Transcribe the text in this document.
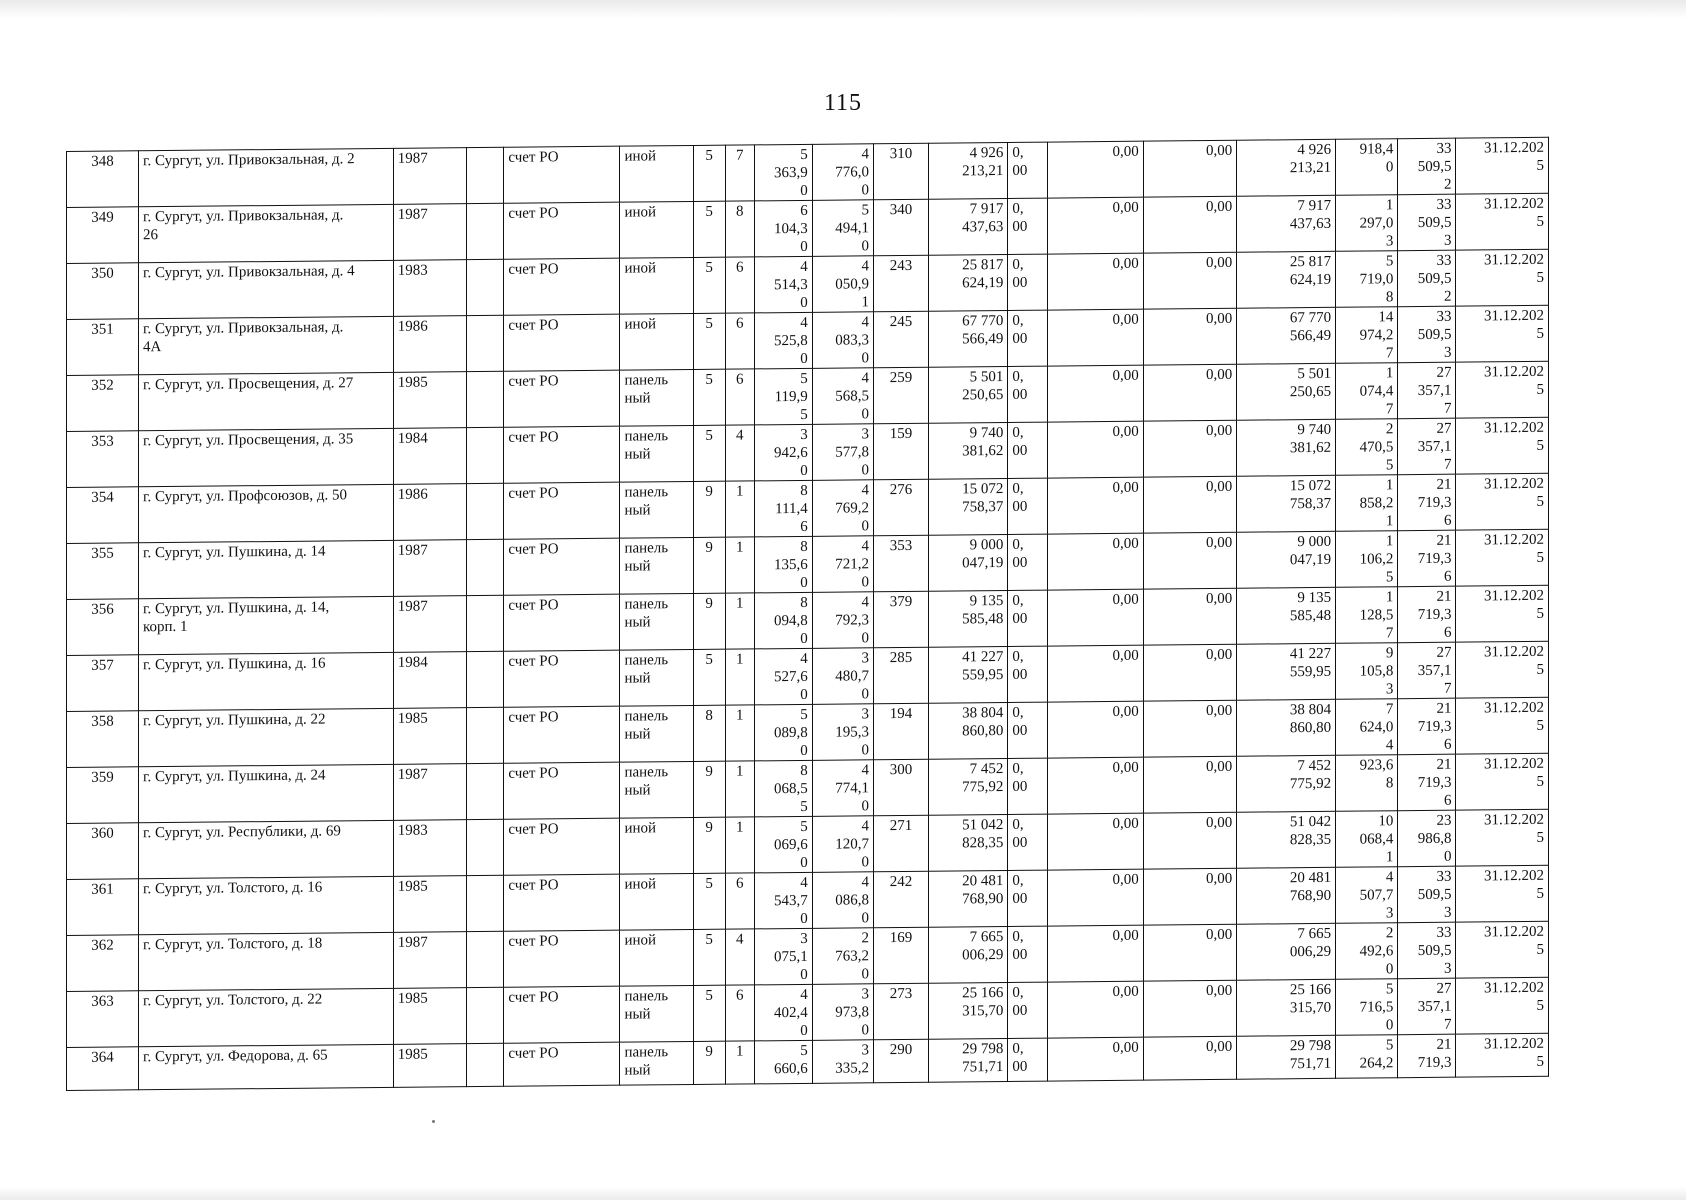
115
348	г. Сургут, ул. Привокзальная, д. 2	1987		счет РО	иной	5	7	5
363,9
0	4
776,0
0	310	4 926
213,21	0,
00	0,00	0,00	4 926
213,21	918,4
0	33
509,5
2	31.12.202
5

349	г. Сургут, ул. Привокзальная, д.
26	1987		счет РО	иной	5	8	6
104,3
0	5
494,1
0	340	7 917
437,63	0,
00	0,00	0,00	7 917
437,63	1
297,0
3	33
509,5
3	31.12.202
5

350	г. Сургут, ул. Привокзальная, д. 4	1983		счет РО	иной	5	6	4
514,3
0	4
050,9
1	243	25 817
624,19	0,
00	0,00	0,00	25 817
624,19	5
719,0
8	33
509,5
2	31.12.202
5

351	г. Сургут, ул. Привокзальная, д.
4А	1986		счет РО	иной	5	6	4
525,8
0	4
083,3
0	245	67 770
566,49	0,
00	0,00	0,00	67 770
566,49	14
974,2
7	33
509,5
3	31.12.202
5

352	г. Сургут, ул. Просвещения, д. 27	1985		счет РО	панель
ный	5	6	5
119,9
5	4
568,5
0	259	5 501
250,65	0,
00	0,00	0,00	5 501
250,65	1
074,4
7	27
357,1
7	31.12.202
5

353	г. Сургут, ул. Просвещения, д. 35	1984		счет РО	панель
ный	5	4	3
942,6
0	3
577,8
0	159	9 740
381,62	0,
00	0,00	0,00	9 740
381,62	2
470,5
5	27
357,1
7	31.12.202
5

354	г. Сургут, ул. Профсоюзов, д. 50	1986		счет РО	панель
ный	9	1	8
111,4
6	4
769,2
0	276	15 072
758,37	0,
00	0,00	0,00	15 072
758,37	1
858,2
1	21
719,3
6	31.12.202
5

355	г. Сургут, ул. Пушкина, д. 14	1987		счет РО	панель
ный	9	1	8
135,6
0	4
721,2
0	353	9 000
047,19	0,
00	0,00	0,00	9 000
047,19	1
106,2
5	21
719,3
6	31.12.202
5

356	г. Сургут, ул. Пушкина, д. 14,
корп. 1	1987		счет РО	панель
ный	9	1	8
094,8
0	4
792,3
0	379	9 135
585,48	0,
00	0,00	0,00	9 135
585,48	1
128,5
7	21
719,3
6	31.12.202
5

357	г. Сургут, ул. Пушкина, д. 16	1984		счет РО	панель
ный	5	1	4
527,6
0	3
480,7
0	285	41 227
559,95	0,
00	0,00	0,00	41 227
559,95	9
105,8
3	27
357,1
7	31.12.202
5

358	г. Сургут, ул. Пушкина, д. 22	1985		счет РО	панель
ный	8	1	5
089,8
0	3
195,3
0	194	38 804
860,80	0,
00	0,00	0,00	38 804
860,80	7
624,0
4	21
719,3
6	31.12.202
5

359	г. Сургут, ул. Пушкина, д. 24	1987		счет РО	панель
ный	9	1	8
068,5
5	4
774,1
0	300	7 452
775,92	0,
00	0,00	0,00	7 452
775,92	923,6
8	21
719,3
6	31.12.202
5

360	г. Сургут, ул. Республики, д. 69	1983		счет РО	иной	9	1	5
069,6
0	4
120,7
0	271	51 042
828,35	0,
00	0,00	0,00	51 042
828,35	10
068,4
1	23
986,8
0	31.12.202
5

361	г. Сургут, ул. Толстого, д. 16	1985		счет РО	иной	5	6	4
543,7
0	4
086,8
0	242	20 481
768,90	0,
00	0,00	0,00	20 481
768,90	4
507,7
3	33
509,5
3	31.12.202
5

362	г. Сургут, ул. Толстого, д. 18	1987		счет РО	иной	5	4	3
075,1
0	2
763,2
0	169	7 665
006,29	0,
00	0,00	0,00	7 665
006,29	2
492,6
0	33
509,5
3	31.12.202
5

363	г. Сургут, ул. Толстого, д. 22	1985		счет РО	панель
ный	5	6	4
402,4
0	3
973,8
0	273	25 166
315,70	0,
00	0,00	0,00	25 166
315,70	5
716,5
0	27
357,1
7	31.12.202
5

364	г. Сургут, ул. Федорова, д. 65	1985		счет РО	панель
ный	9	1	5
660,6	3
335,2	290	29 798
751,71	0,
00	0,00	0,00	29 798
751,71	5
264,2	21
719,3	31.12.202
5
